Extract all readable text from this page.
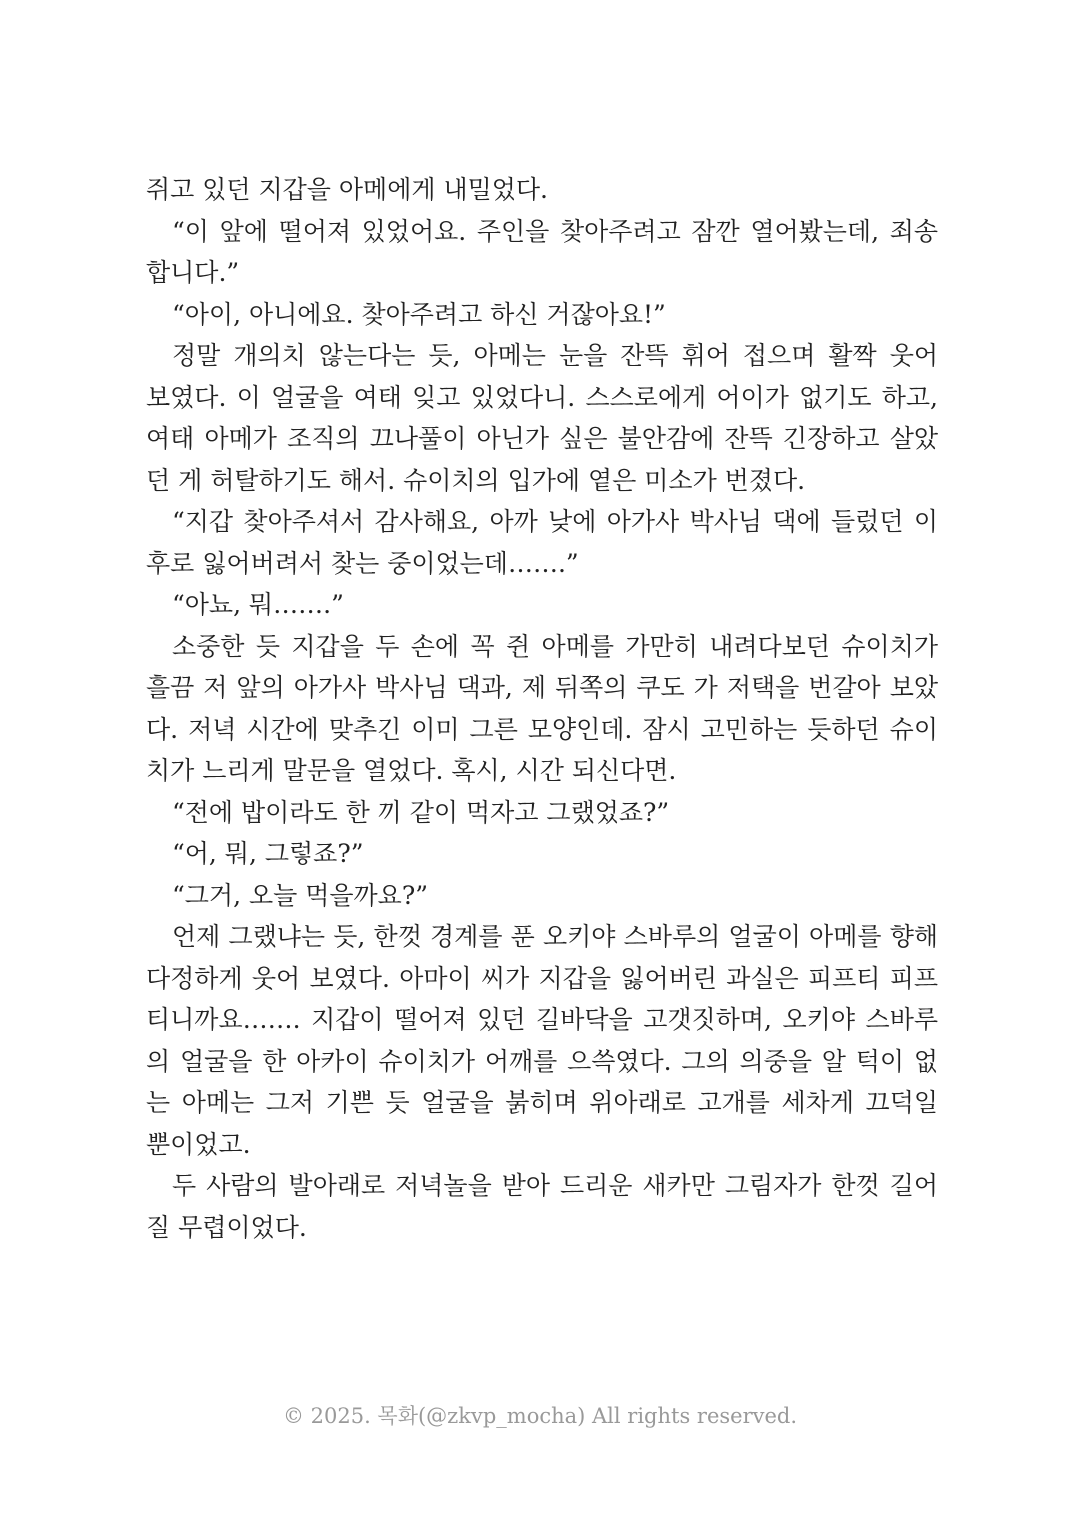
쥐고 있던 지갑을 아메에게 내밀었다.
“이 앞에 떨어져 있었어요. 주인을 찾아주려고 잠깐 열어봤는데, 죄송
합니다.”
“아이, 아니에요. 찾아주려고 하신 거잖아요!”
정말 개의치 않는다는 듯, 아메는 눈을 잔뜩 휘어 접으며 활짝 웃어
보였다. 이 얼굴을 여태 잊고 있었다니. 스스로에게 어이가 없기도 하고,
여태 아메가 조직의 끄나풀이 아닌가 싶은 불안감에 잔뜩 긴장하고 살았
던 게 허탈하기도 해서. 슈이치의 입가에 옅은 미소가 번졌다.
“지갑 찾아주셔서 감사해요, 아까 낮에 아가사 박사님 댁에 들렀던 이
후로 잃어버려서 찾는 중이었는데…….”
“아뇨, 뭐…….”
소중한 듯 지갑을 두 손에 꼭 쥔 아메를 가만히 내려다보던 슈이치가
흘끔 저 앞의 아가사 박사님 댁과, 제 뒤쪽의 쿠도 가 저택을 번갈아 보았
다. 저녁 시간에 맞추긴 이미 그른 모양인데. 잠시 고민하는 듯하던 슈이
치가 느리게 말문을 열었다. 혹시, 시간 되신다면.
“전에 밥이라도 한 끼 같이 먹자고 그랬었죠?”
“어, 뭐, 그렇죠?”
“그거, 오늘 먹을까요?”
언제 그랬냐는 듯, 한껏 경계를 푼 오키야 스바루의 얼굴이 아메를 향해
다정하게 웃어 보였다. 아마이 씨가 지갑을 잃어버린 과실은 피프티 피프
티니까요……. 지갑이 떨어져 있던 길바닥을 고갯짓하며, 오키야 스바루
의 얼굴을 한 아카이 슈이치가 어깨를 으쓱였다. 그의 의중을 알 턱이 없
는 아메는 그저 기쁜 듯 얼굴을 붉히며 위아래로 고개를 세차게 끄덕일
뿐이었고.
두 사람의 발아래로 저녁놀을 받아 드리운 새카만 그림자가 한껏 길어
질 무렵이었다.
© 2025. 목화(@zkvp_mocha) All rights reserved.
